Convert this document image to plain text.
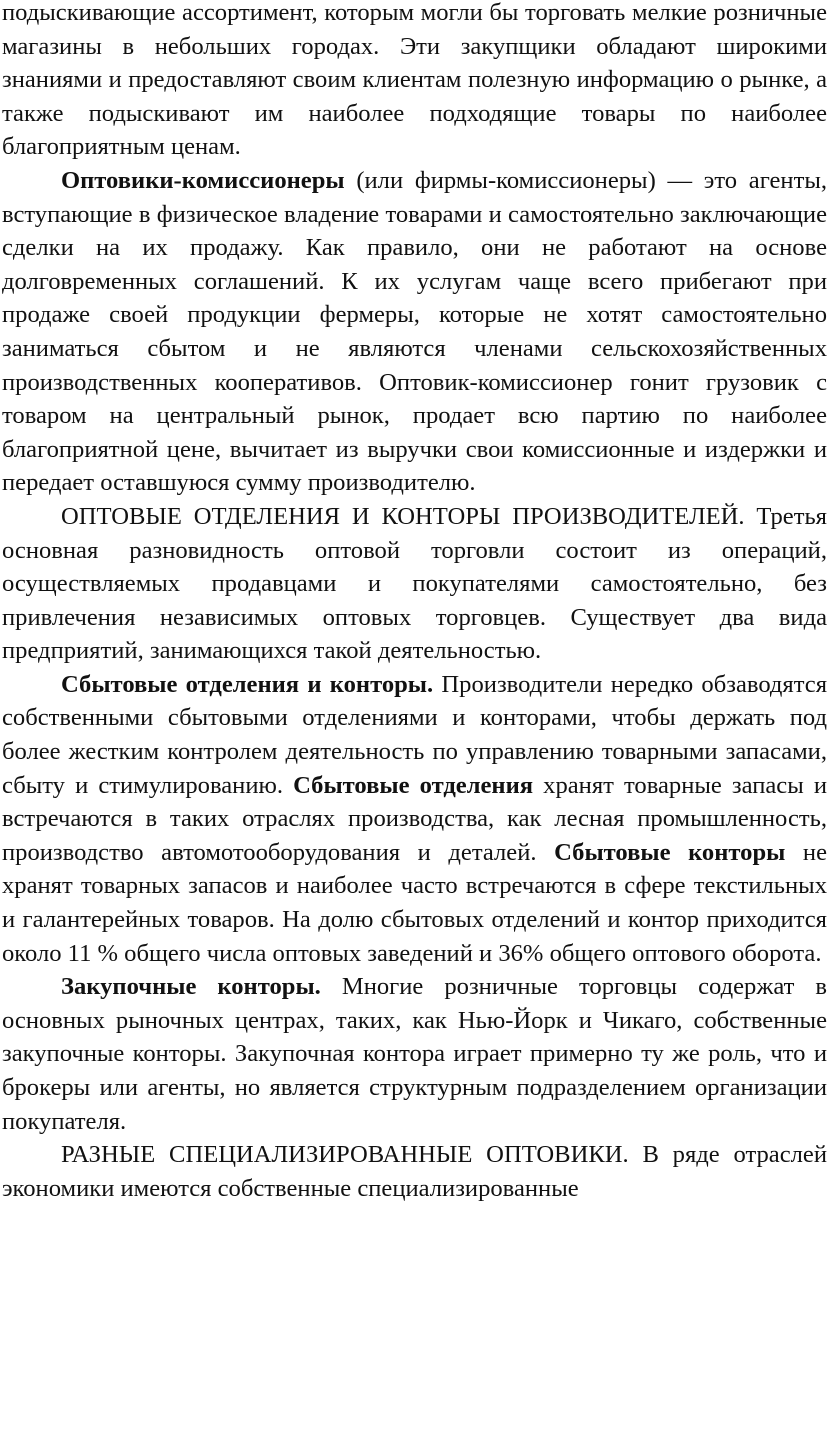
подыскивающие ассортимент, которым могли бы торговать мелкие розничные магазины в небольших городах. Эти закупщики обладают широкими знаниями и предоставляют своим клиентам полезную информацию о рынке, а также подыскивают им наиболее подходящие товары по наиболее благоприятным ценам.

Оптовики-комиссионеры (или фирмы-комиссионеры) — это агенты, вступающие в физическое владение товарами и самостоятельно заключающие сделки на их продажу. Как правило, они не работают на основе долговременных соглашений. К их услугам чаще всего прибегают при продаже своей продукции фермеры, которые не хотят самостоятельно заниматься сбытом и не являются членами сельскохозяйственных производственных кооперативов. Оптовик-комиссионер гонит грузовик с товаром на центральный рынок, продает всю партию по наиболее благоприятной цене, вычитает из выручки свои комиссионные и издержки и передает оставшуюся сумму производителю.

ОПТОВЫЕ ОТДЕЛЕНИЯ И КОНТОРЫ ПРОИЗВОДИТЕЛЕЙ. Третья основная разновидность оптовой торговли состоит из операций, осуществляемых продавцами и покупателями самостоятельно, без привлечения независимых оптовых торговцев. Существует два вида предприятий, занимающихся такой деятельностью.

Сбытовые отделения и конторы. Производители нередко обзаводятся собственными сбытовыми отделениями и конторами, чтобы держать под более жестким контролем деятельность по управлению товарными запасами, сбыту и стимулированию. Сбытовые отделения хранят товарные запасы и встречаются в таких отраслях производства, как лесная промышленность, производство автомотооборудования и деталей. Сбытовые конторы не хранят товарных запасов и наиболее часто встречаются в сфере текстильных и галантерейных товаров. На долю сбытовых отделений и контор приходится около 11 % общего числа оптовых заведений и 36% общего оптового оборота.

Закупочные конторы. Многие розничные торговцы содержат в основных рыночных центрах, таких, как Нью-Йорк и Чикаго, собственные закупочные конторы. Закупочная контора играет примерно ту же роль, что и брокеры или агенты, но является структурным подразделением организации покупателя.

РАЗНЫЕ СПЕЦИАЛИЗИРОВАННЫЕ ОПТОВИКИ. В ряде отраслей экономики имеются собственные специализированные
